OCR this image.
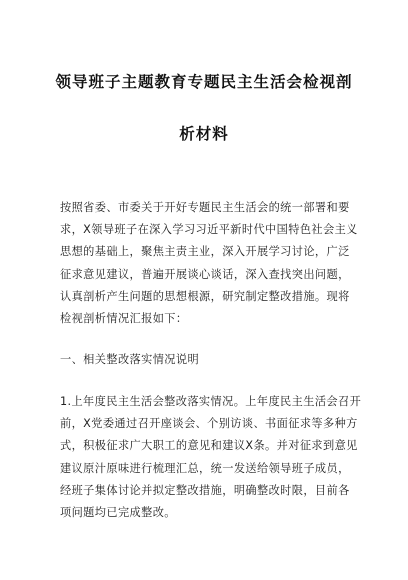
领导班子主题教育专题民主生活会检视剖
析材料
按照省委、市委关于开好专题民主生活会的统一部署和要
求，X领导班子在深入学习习近平新时代中国特色社会主义
思想的基础上，聚焦主责主业，深入开展学习讨论，广泛
征求意见建议，普遍开展谈心谈话，深入查找突出问题，
认真剖析产生问题的思想根源，研究制定整改措施。现将
检视剖析情况汇报如下：
一、相关整改落实情况说明
1.上年度民主生活会整改落实情况。上年度民主生活会召开
前，X党委通过召开座谈会、个别访谈、书面征求等多种方
式，积极征求广大职工的意见和建议X条。并对征求到意见
建议原汁原味进行梳理汇总，统一发送给领导班子成员，
经班子集体讨论并拟定整改措施，明确整改时限，目前各
项问题均已完成整改。
